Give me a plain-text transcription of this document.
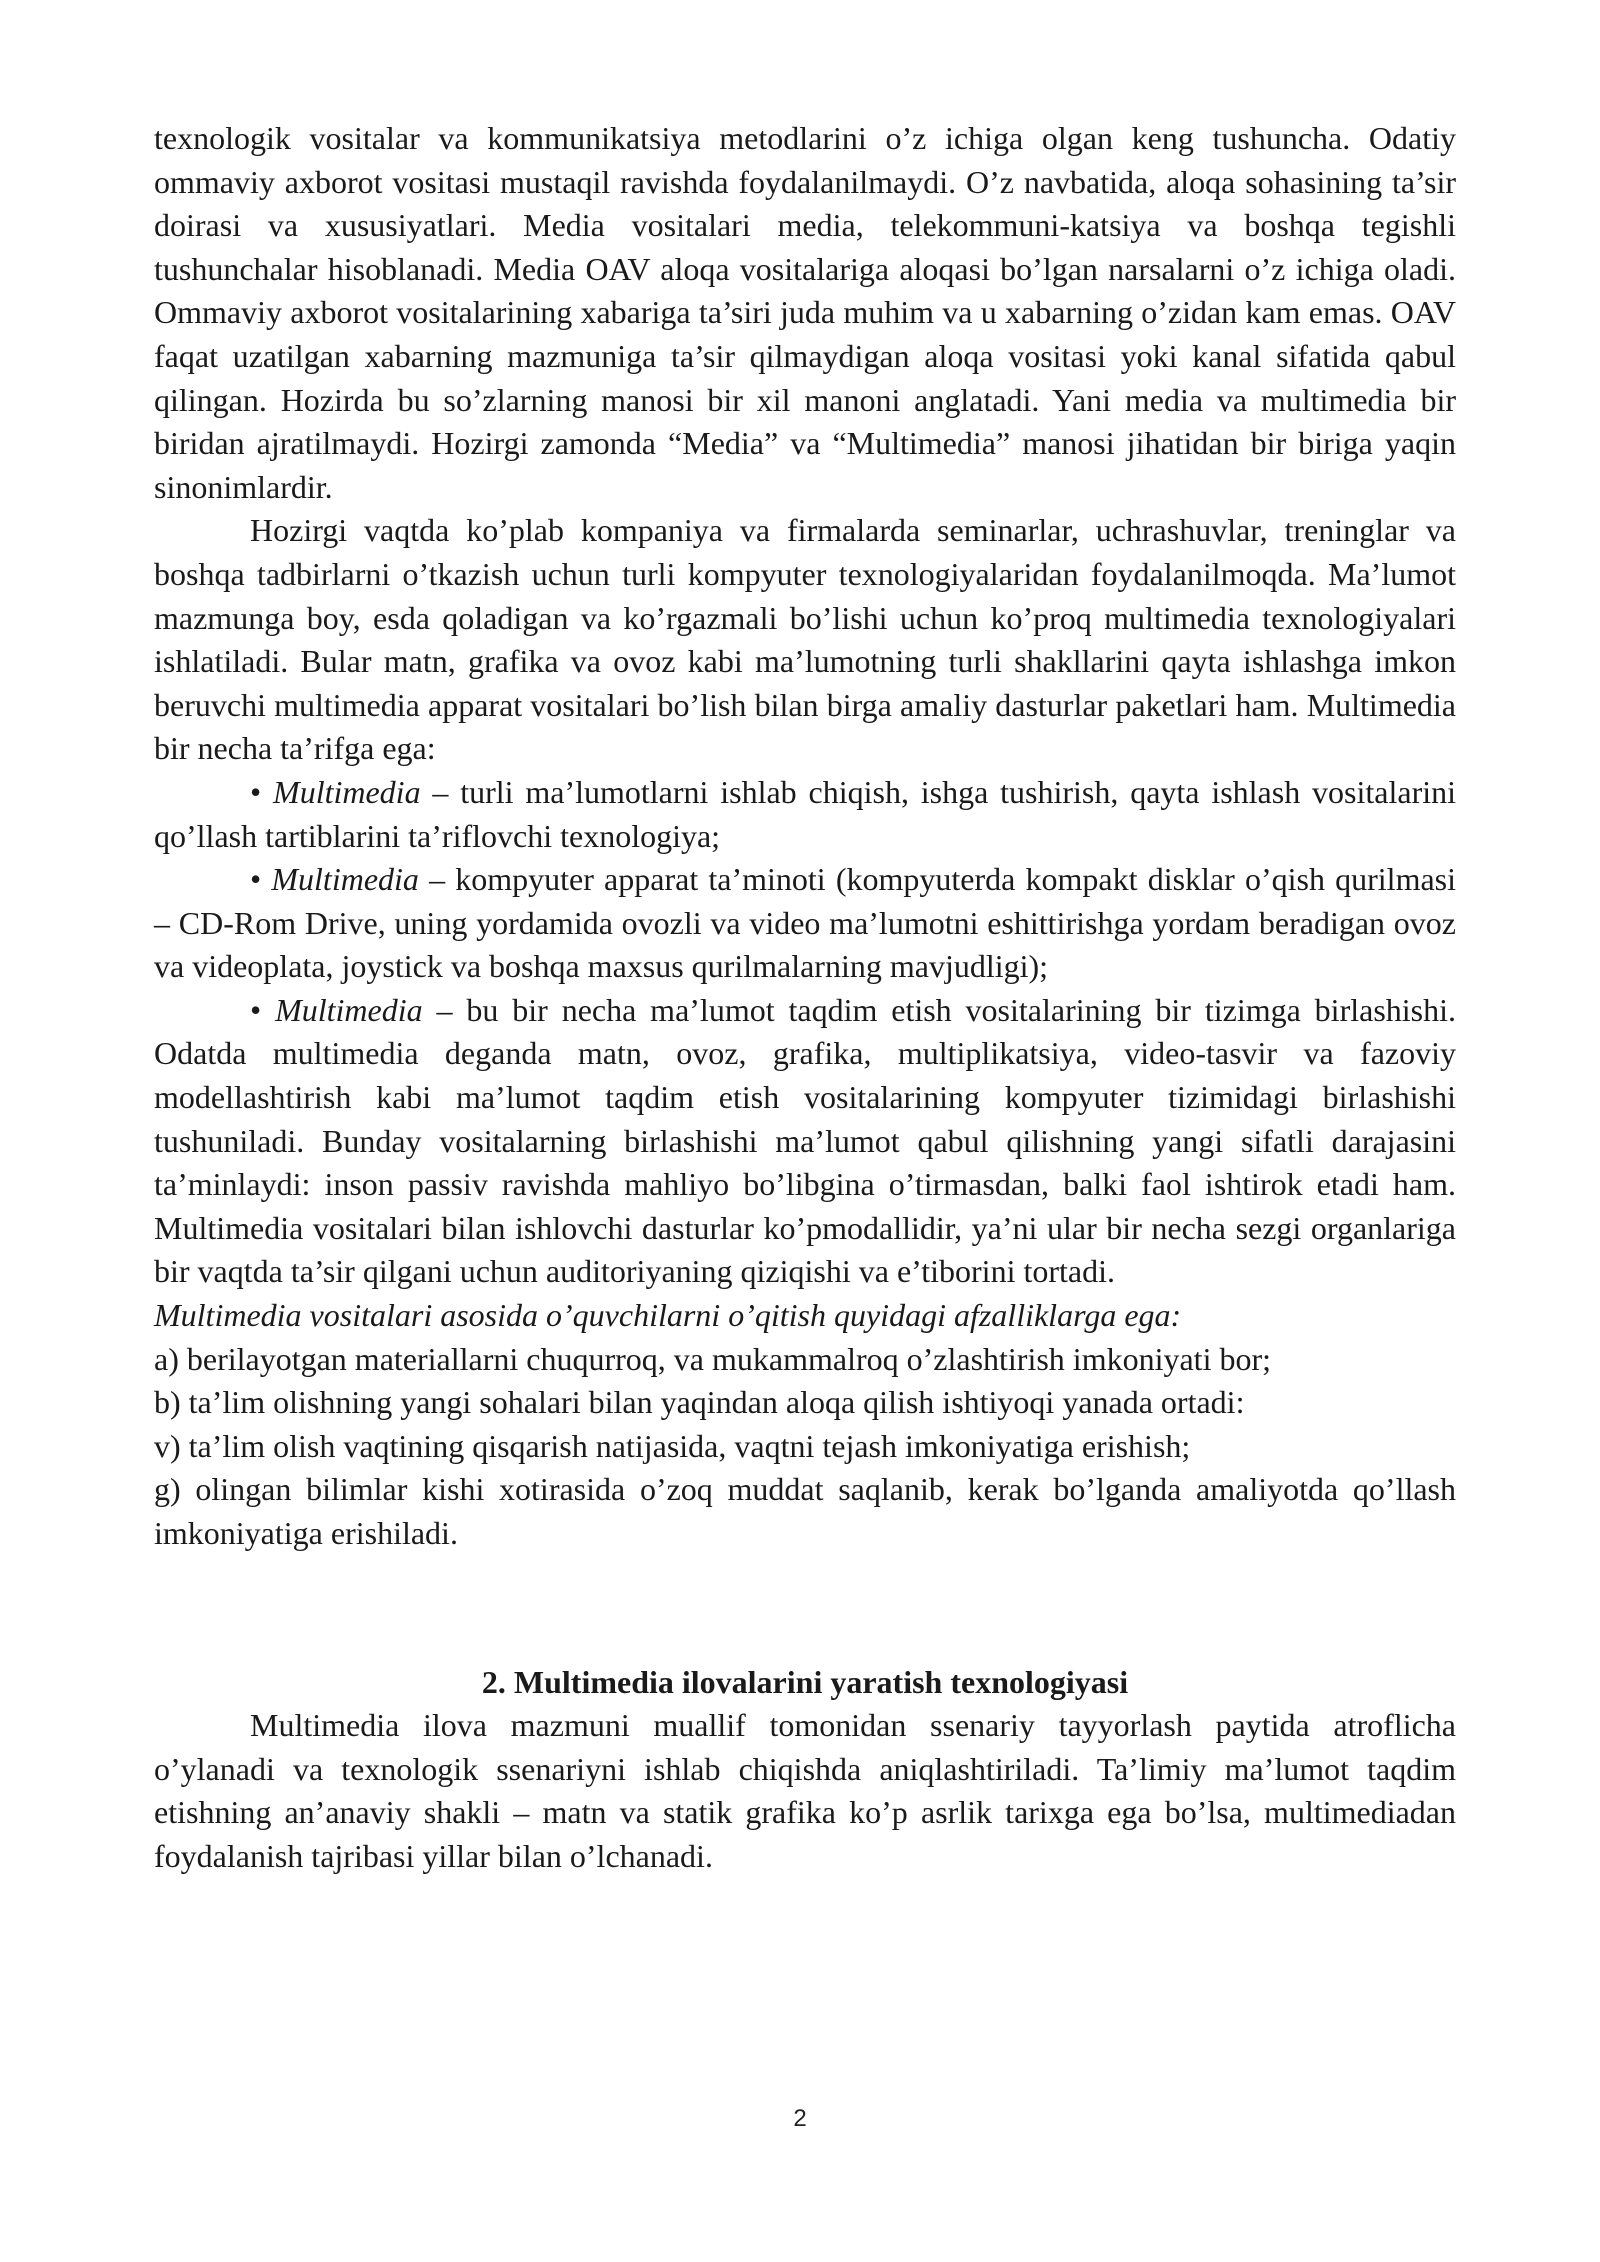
texnologik vositalar va kommunikatsiya metodlarini o’z ichiga olgan keng tushuncha. Odatiy ommaviy axborot vositasi mustaqil ravishda foydalanilmaydi. O’z navbatida, aloqa sohasining ta’sir doirasi va xususiyatlari. Media vositalari media, telekommuni-katsiya va boshqa tegishli tushunchalar hisoblanadi. Media OAV aloqa vositalariga aloqasi bo’lgan narsalarni o’z ichiga oladi. Ommaviy axborot vositalarining xabariga ta’siri juda muhim va u xabarning o’zidan kam emas. OAV faqat uzatilgan xabarning mazmuniga ta’sir qilmaydigan aloqa vositasi yoki kanal sifatida qabul qilingan. Hozirda bu so’zlarning manosi bir xil manoni anglatadi. Yani media va multimedia bir biridan ajratilmaydi. Hozirgi zamonda “Media” va “Multimedia” manosi jihatidan bir biriga yaqin sinonimlardir.

Hozirgi vaqtda ko’plab kompaniya va firmalarda seminarlar, uchrashuvlar, treninglar va boshqa tadbirlarni o’tkazish uchun turli kompyuter texnologiyalaridan foydalanilmoqda. Ma’lumot mazmunga boy, esda qoladigan va ko’rgazmali bo’lishi uchun ko’proq multimedia texnologiyalari ishlatiladi. Bular matn, grafika va ovoz kabi ma’lumotning turli shakllarini qayta ishlashga imkon beruvchi multimedia apparat vositalari bo’lish bilan birga amaliy dasturlar paketlari ham. Multimedia bir necha ta’rifga ega:

• Multimedia – turli ma’lumotlarni ishlab chiqish, ishga tushirish, qayta ishlash vositalarini qo’llash tartiblarini ta’riflovchi texnologiya;

• Multimedia – kompyuter apparat ta’minoti (kompyuterda kompakt disklar o’qish qurilmasi – CD-Rom Drive, uning yordamida ovozli va video ma’lumotni eshittirishga yordam beradigan ovoz va videoplata, joystick va boshqa maxsus qurilmalarning mavjudligi);

• Multimedia – bu bir necha ma’lumot taqdim etish vositalarining bir tizimga birlashishi. Odatda multimedia deganda matn, ovoz, grafika, multiplikatsiya, video-tasvir va fazoviy modellashtirish kabi ma’lumot taqdim etish vositalarining kompyuter tizimidagi birlashishi tushuniladi. Bunday vositalarning birlashishi ma’lumot qabul qilishning yangi sifatli darajasini ta’minlaydi: inson passiv ravishda mahliyo bo’libgina o’tirmasdan, balki faol ishtirok etadi ham. Multimedia vositalari bilan ishlovchi dasturlar ko’pmodallidir, ya’ni ular bir necha sezgi organlariga bir vaqtda ta’sir qilgani uchun auditoriyaning qiziqishi va e’tiborini tortadi.

Multimedia vositalari asosida o’quvchilarni o’qitish quyidagi afzalliklarga ega:

a) berilayotgan materiallarni chuqurroq, va mukammalroq o’zlashtirish imkoniyati bor;

b) ta’lim olishning yangi sohalari bilan yaqindan aloqa qilish ishtiyoqi yanada ortadi:

v) ta’lim olish vaqtining qisqarish natijasida, vaqtni tejash imkoniyatiga erishish;

g) olingan bilimlar kishi xotirasida o’zoq muddat saqlanib, kerak bo’lganda amaliyotda qo’llash imkoniyatiga erishiladi.

2. Multimedia ilovalarini yaratish texnologiyasi

Multimedia ilova mazmuni muallif tomonidan ssenariy tayyorlash paytida atroflicha o’ylanadi va texnologik ssenariyni ishlab chiqishda aniqlashtiriladi. Ta’limiy ma’lumot taqdim etishning an’anaviy shakli – matn va statik grafika ko’p asrlik tarixga ega bo’lsa, multimediadan foydalanish tajribasi yillar bilan o’lchanadi.

2
